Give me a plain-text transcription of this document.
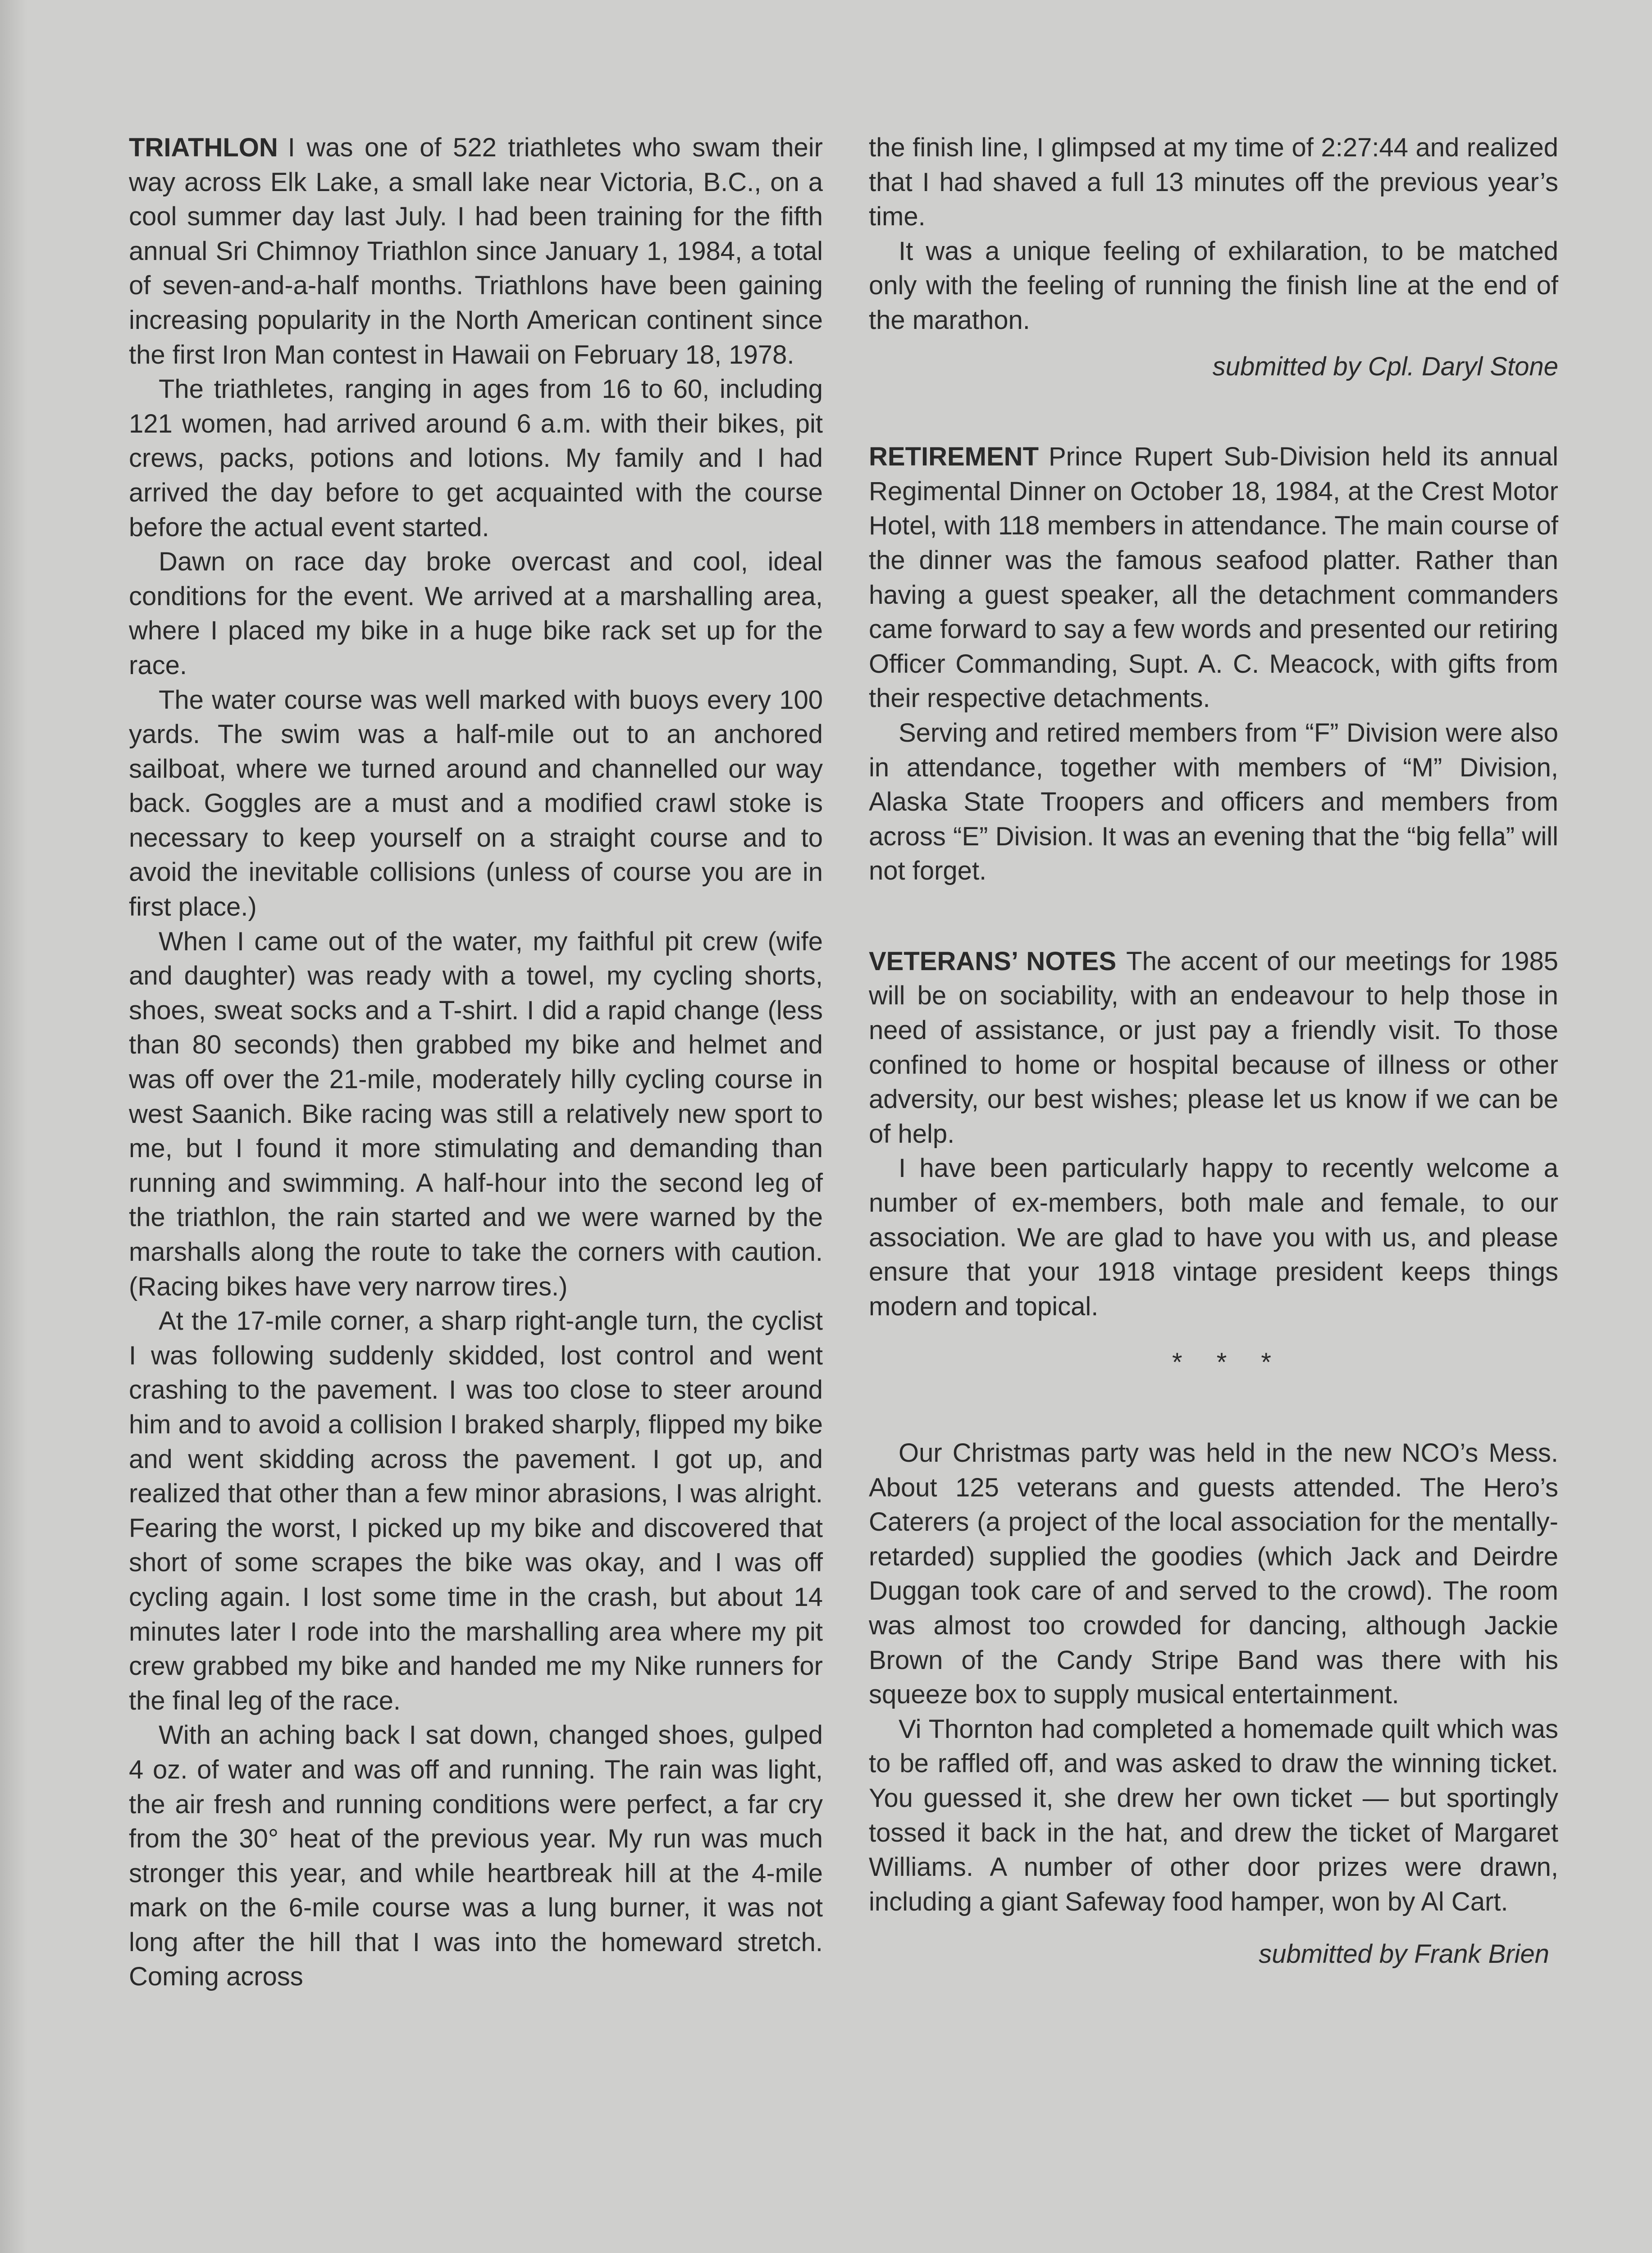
TRIATHLON I was one of 522 triathletes who swam their way across Elk Lake, a small lake near Victoria, B.C., on a cool summer day last July. I had been training for the fifth annual Sri Chimnoy Triathlon since January 1, 1984, a total of seven-and-a-half months. Triathlons have been gaining increasing popularity in the North American continent since the first Iron Man contest in Hawaii on February 18, 1978.

The triathletes, ranging in ages from 16 to 60, including 121 women, had arrived around 6 a.m. with their bikes, pit crews, packs, potions and lotions. My family and I had arrived the day before to get acquainted with the course before the actual event started.

Dawn on race day broke overcast and cool, ideal conditions for the event. We arrived at a marshalling area, where I placed my bike in a huge bike rack set up for the race.

The water course was well marked with buoys every 100 yards. The swim was a half-mile out to an anchored sailboat, where we turned around and channelled our way back. Goggles are a must and a modified crawl stoke is necessary to keep yourself on a straight course and to avoid the inevitable collisions (unless of course you are in first place.)

When I came out of the water, my faithful pit crew (wife and daughter) was ready with a towel, my cycling shorts, shoes, sweat socks and a T-shirt. I did a rapid change (less than 80 seconds) then grabbed my bike and helmet and was off over the 21-mile, moderately hilly cycling course in west Saanich. Bike racing was still a relatively new sport to me, but I found it more stimulating and demanding than running and swimming. A half-hour into the second leg of the triathlon, the rain started and we were warned by the marshalls along the route to take the corners with caution. (Racing bikes have very narrow tires.)

At the 17-mile corner, a sharp right-angle turn, the cyclist I was following suddenly skidded, lost control and went crashing to the pavement. I was too close to steer around him and to avoid a collision I braked sharply, flipped my bike and went skidding across the pavement. I got up, and realized that other than a few minor abrasions, I was alright. Fearing the worst, I picked up my bike and discovered that short of some scrapes the bike was okay, and I was off cycling again. I lost some time in the crash, but about 14 minutes later I rode into the marshalling area where my pit crew grabbed my bike and handed me my Nike runners for the final leg of the race.

With an aching back I sat down, changed shoes, gulped 4 oz. of water and was off and running. The rain was light, the air fresh and running conditions were perfect, a far cry from the 30° heat of the previous year. My run was much stronger this year, and while heartbreak hill at the 4-mile mark on the 6-mile course was a lung burner, it was not long after the hill that I was into the homeward stretch. Coming across

the finish line, I glimpsed at my time of 2:27:44 and realized that I had shaved a full 13 minutes off the previous year’s time.

It was a unique feeling of exhilaration, to be matched only with the feeling of running the finish line at the end of the marathon.

submitted by Cpl. Daryl Stone

RETIREMENT Prince Rupert Sub-Division held its annual Regimental Dinner on October 18, 1984, at the Crest Motor Hotel, with 118 members in attendance. The main course of the dinner was the famous seafood platter. Rather than having a guest speaker, all the detachment commanders came forward to say a few words and presented our retiring Officer Commanding, Supt. A. C. Meacock, with gifts from their respective detachments.

Serving and retired members from “F” Division were also in attendance, together with members of “M” Division, Alaska State Troopers and officers and members from across “E” Division. It was an evening that the “big fella” will not forget.

VETERANS’ NOTES The accent of our meetings for 1985 will be on sociability, with an endeavour to help those in need of assistance, or just pay a friendly visit. To those confined to home or hospital because of illness or other adversity, our best wishes; please let us know if we can be of help.

I have been particularly happy to recently welcome a number of ex-members, both male and female, to our association. We are glad to have you with us, and please ensure that your 1918 vintage president keeps things modern and topical.

* * *

Our Christmas party was held in the new NCO’s Mess. About 125 veterans and guests attended. The Hero’s Caterers (a project of the local association for the mentally-retarded) supplied the goodies (which Jack and Deirdre Duggan took care of and served to the crowd). The room was almost too crowded for dancing, although Jackie Brown of the Candy Stripe Band was there with his squeeze box to supply musical entertainment.

Vi Thornton had completed a homemade quilt which was to be raffled off, and was asked to draw the winning ticket. You guessed it, she drew her own ticket — but sportingly tossed it back in the hat, and drew the ticket of Margaret Williams. A number of other door prizes were drawn, including a giant Safeway food hamper, won by Al Cart.

submitted by Frank Brien
